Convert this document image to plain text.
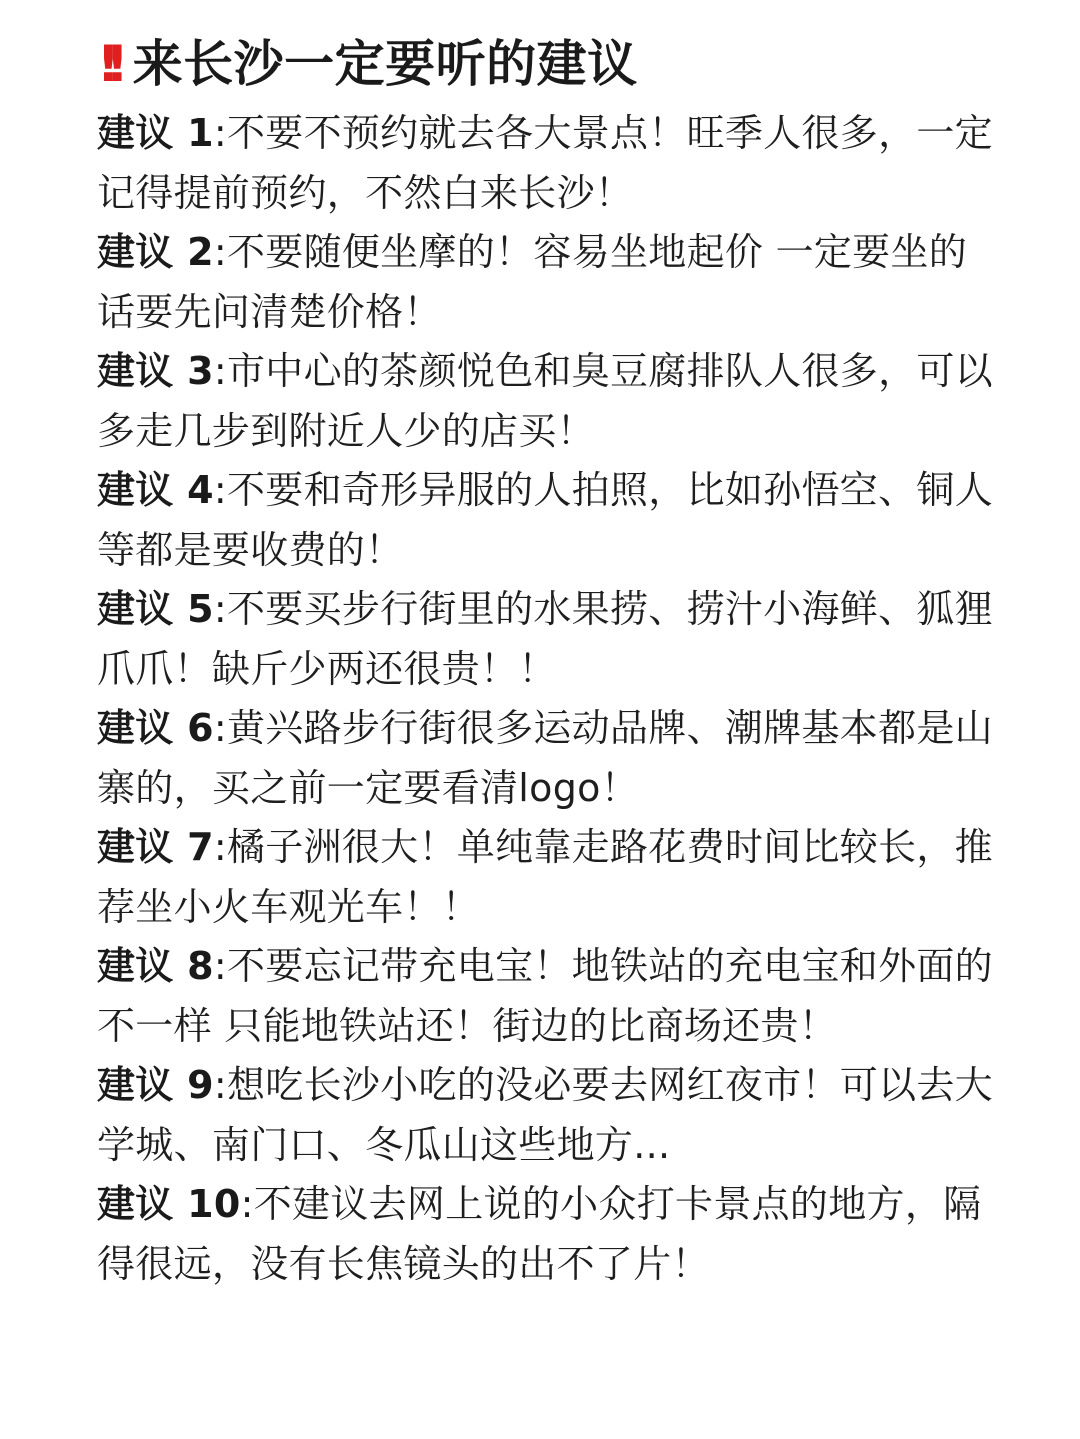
!! 来长沙一定要听的建议
建议 1:不要不预约就去各大景点！旺季人很多，一定记得提前预约，不然白来长沙！
建议 2:不要随便坐摩的！容易坐地起价 一定要坐的话要先问清楚价格！
建议 3:市中心的茶颜悦色和臭豆腐排队人很多，可以多走几步到附近人少的店买！
建议 4:不要和奇形异服的人拍照，比如孙悟空、铜人等都是要收费的！
建议 5:不要买步行街里的水果捞、捞汁小海鲜、狐狸爪爪！缺斤少两还很贵！！
建议 6:黄兴路步行街很多运动品牌、潮牌基本都是山寨的，买之前一定要看清logo！
建议 7:橘子洲很大！单纯靠走路花费时间比较长，推荐坐小火车观光车！！
建议 8:不要忘记带充电宝！地铁站的充电宝和外面的不一样 只能地铁站还！街边的比商场还贵！
建议 9:想吃长沙小吃的没必要去网红夜市！可以去大学城、南门口、冬瓜山这些地方...
建议 10:不建议去网上说的小众打卡景点的地方，隔得很远，没有长焦镜头的出不了片！
